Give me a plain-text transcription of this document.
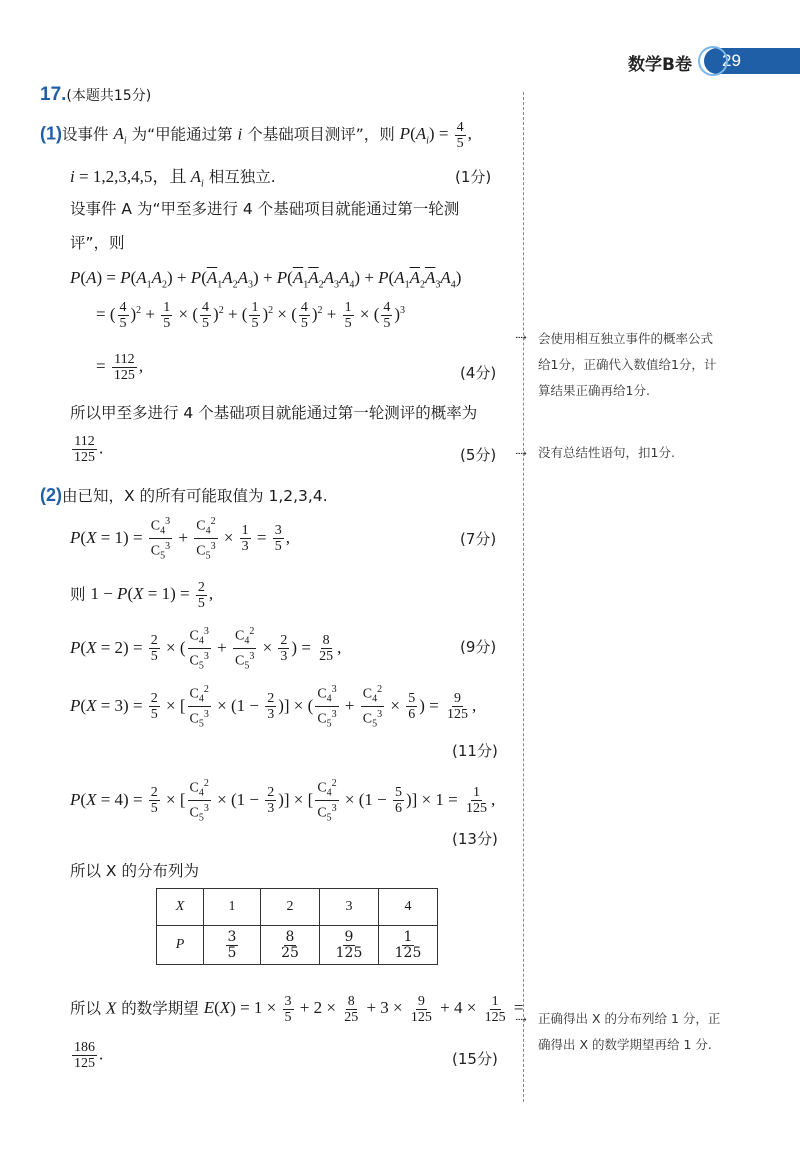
数学B卷	29
17.(本题共15分)
(1)设事件 $A_i$ 为“甲能通过第 i 个基础项目测评”，则 $P(A_i) = \frac{4}{5}$ ,
i = 1,2,3,4,5，且 $A_i$ 相互独立.	(1分)
设事件 A 为“甲至多进行 4 个基础项目就能通过第一轮测
评”，则
$P(A) = P(A_1A_2) + P(\overline{A}_1A_2A_3) + P(\overline{A}_1\overline{A}_2A_3A_4) + P(A_1\overline{A}_2\overline{A}_3A_4)$
= ( $\frac{4}{5} )^2 + \frac{1}{5}$ × ( $\frac{4}{5} )^2$ + ( $\frac{1}{5} )^2$ × ( $\frac{4}{5} )^2 + \frac{1}{5}$ × ( $\frac{4}{5} )^3$
= $\frac{112}{125}$ ,	(4分)
所以甲至多进行 4 个基础项目就能通过第一轮测评的概率为
$\frac{112}{125}$ .	(5分)
⇢ 会使用相互独立事件的概率公式
给1分，正确代入数值给1分，计
算结果正确再给1分.
⇢ 没有总结性语句，扣1分.
(2)由已知，X 的所有可能取值为 1,2,3,4.
$P(X = 1) = \frac{C_4^3}{C_5^3} + \frac{C_4^2}{C_5^3} \times \frac{1}{3} = \frac{3}{5}$ ,	(7分)
则 $1 - P(X = 1) = \frac{2}{5}$ ,
$P(X = 2) = \frac{2}{5}$ × ( $\frac{C_4^3}{C_5^3} + \frac{C_4^2}{C_5^3} \times \frac{2}{3}$ ) = $\frac{8}{25}$ ,	(9分)
$P(X = 3) = \frac{2}{5}$ × [ $\frac{C_4^2}{C_5^3} \times (1 - \frac{2}{3}$ )] × ( $\frac{C_4^3}{C_5^3} + \frac{C_4^2}{C_5^3} \times \frac{5}{6}$ ) = $\frac{9}{125}$ ,
(11分)
$P(X = 4) = \frac{2}{5}$ × [ $\frac{C_4^2}{C_5^3} \times (1 - \frac{2}{3}$ )] × [ $\frac{C_4^2}{C_5^3} \times (1 - \frac{5}{6}$ )] × $1 = \frac{1}{125}$ ,
(13分)
所以 X 的分布列为
X	1	2	3	4
P	$\frac{3}{5}$	$\frac{8}{25}$	$\frac{9}{125}$	$\frac{1}{125}$
所以 X 的数学期望 $E(X) = 1 \times \frac{3}{5} + 2 \times \frac{8}{25} + 3 \times \frac{9}{125} + 4 \times \frac{1}{125}$ =
$\frac{186}{125}$ .	(15分)
⇢ 正确得出 X 的分布列给 1 分，正
确得出 X 的数学期望再给 1 分.
设事件 A_i 为“甲能通过第 i 个基础项目测评”，则 P(A_i) = 4/5， i = 1,2,3,4,5，且 A_i 相互独立. P(A) = P(A₁A₂) + P(Ā₁A₂A₃) + P(Ā₁Ā₂A₃A₄) + P(A₁Ā₂Ā₃A₄) 112/125 则 1 − P(X = 1) = 2/5， 所以 X 的数学期望 E(X) = 1×3/5 + 2×8/25 + 3×9/125 + 4×1/125 = 186/125.
